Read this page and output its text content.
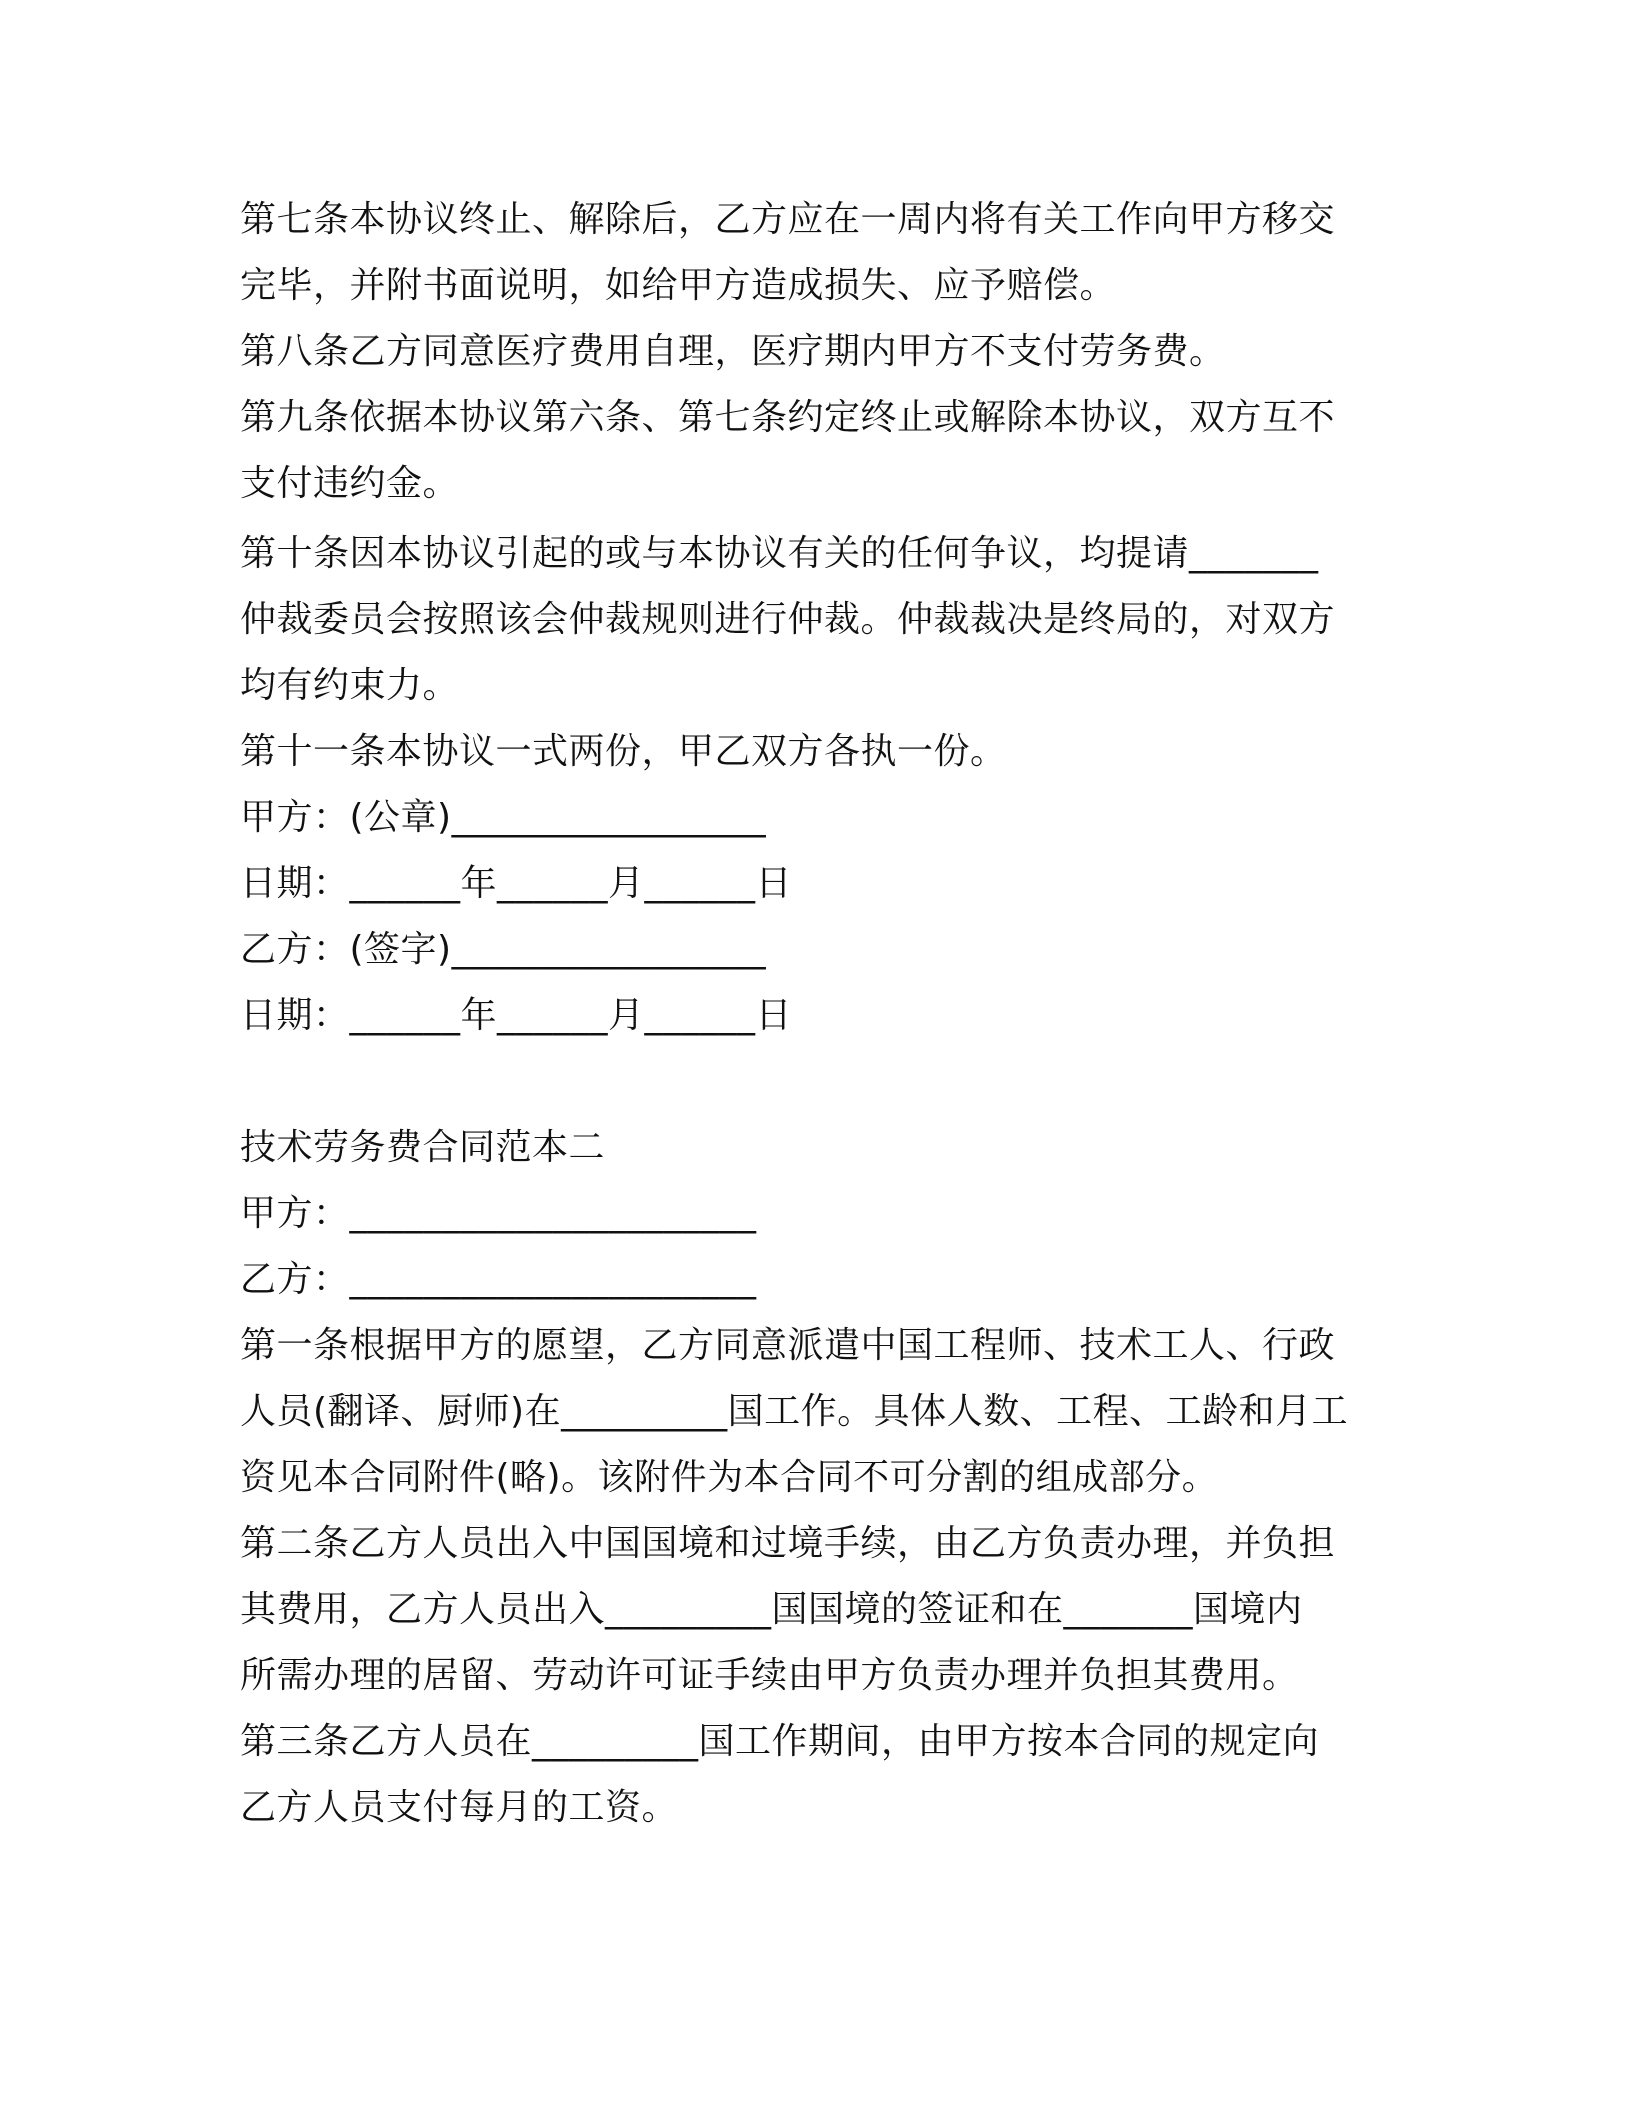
第七条本协议终止、解除后，乙方应在一周内将有关工作向甲方移交
完毕，并附书面说明，如给甲方造成损失、应予赔偿。
第八条乙方同意医疗费用自理，医疗期内甲方不支付劳务费。
第九条依据本协议第六条、第七条约定终止或解除本协议，双方互不
支付违约金。
第十条因本协议引起的或与本协议有关的任何争议，均提请_______
仲裁委员会按照该会仲裁规则进行仲裁。仲裁裁决是终局的，对双方
均有约束力。
第十一条本协议一式两份，甲乙双方各执一份。
甲方：(公章)_________________
日期：______年______月______日
乙方：(签字)_________________
日期：______年______月______日
技术劳务费合同范本二
甲方：______________________
乙方：______________________
第一条根据甲方的愿望，乙方同意派遣中国工程师、技术工人、行政
人员(翻译、厨师)在_________国工作。具体人数、工程、工龄和月工
资见本合同附件(略)。该附件为本合同不可分割的组成部分。
第二条乙方人员出入中国国境和过境手续，由乙方负责办理，并负担
其费用，乙方人员出入_________国国境的签证和在_______国境内
所需办理的居留、劳动许可证手续由甲方负责办理并负担其费用。
第三条乙方人员在_________国工作期间，由甲方按本合同的规定向
乙方人员支付每月的工资。
